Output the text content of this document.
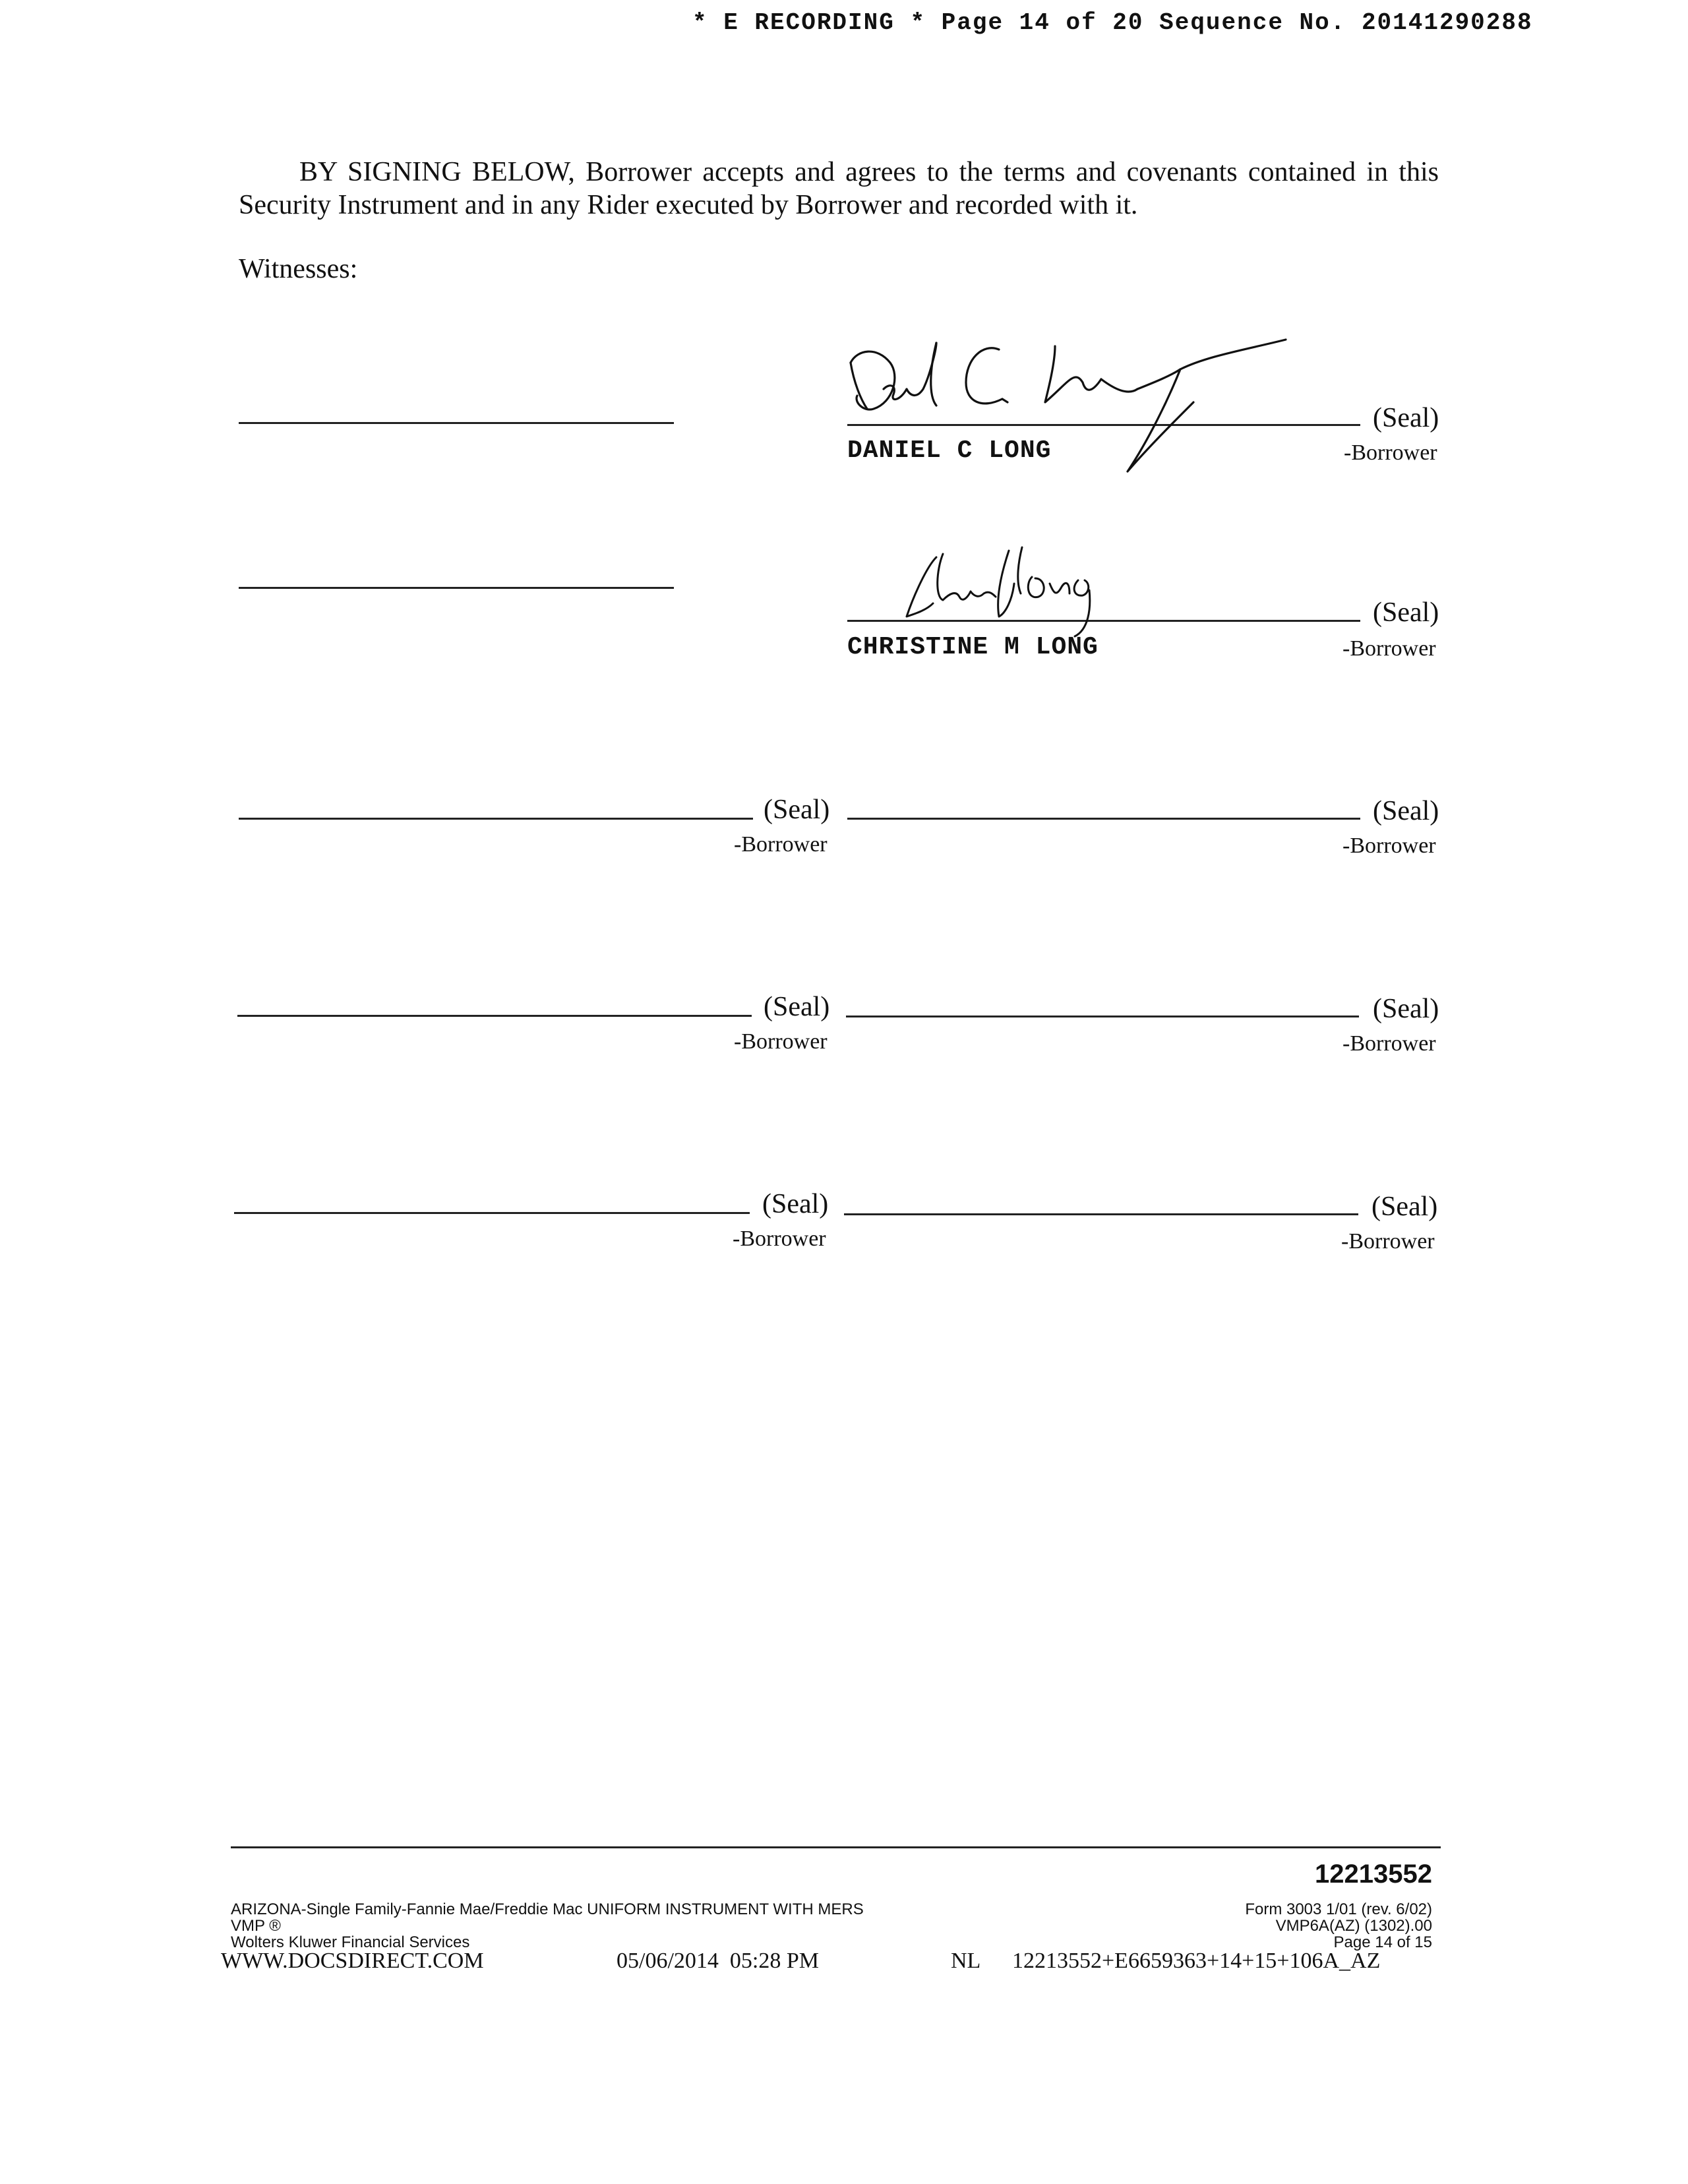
* E RECORDING * Page 14 of 20 Sequence No. 20141290288
BY SIGNING BELOW, Borrower accepts and agrees to the terms and covenants contained in this Security Instrument and in any Rider executed by Borrower and recorded with it.
Witnesses:
(Seal)
-Borrower
DANIEL C LONG
(Seal)
-Borrower
CHRISTINE M LONG
(Seal)
-Borrower
(Seal)
-Borrower
(Seal)
-Borrower
(Seal)
-Borrower
(Seal)
-Borrower
(Seal)
-Borrower
12213552
ARIZONA-Single Family-Fannie Mae/Freddie Mac UNIFORM INSTRUMENT WITH MERS
VMP ®
Wolters Kluwer Financial Services
Form 3003 1/01 (rev. 6/02)
VMP6A(AZ) (1302).00
Page 14 of 15
WWW.DOCSDIRECT.COM	05/06/2014  05:28 PM	NL 12213552+E6659363+14+15+106A_AZ
